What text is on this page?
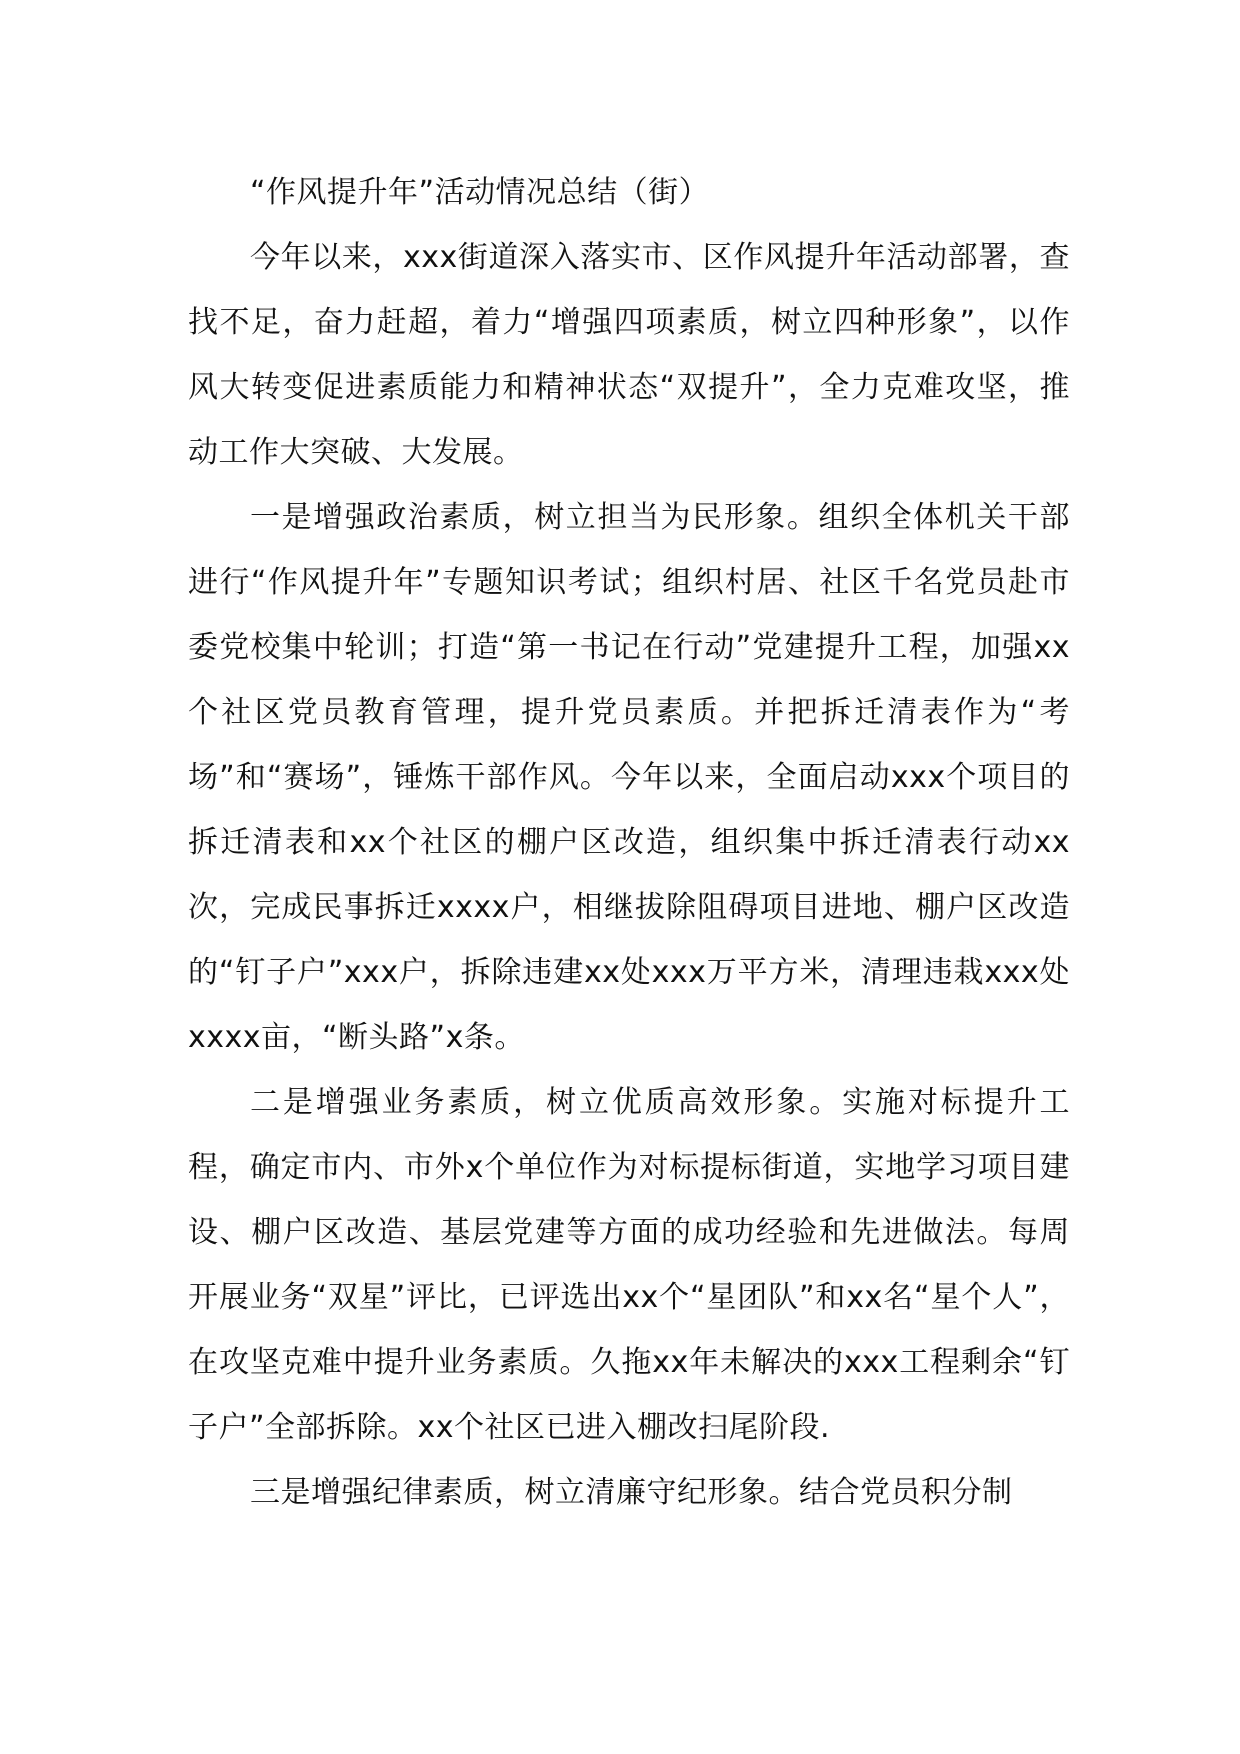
“作风提升年”活动情况总结（街）

今年以来，xxx街道深入落实市、区作风提升年活动部署，查找不足，奋力赶超，着力“增强四项素质，树立四种形象”，以作风大转变促进素质能力和精神状态“双提升”，全力克难攻坚，推动工作大突破、大发展。

一是增强政治素质，树立担当为民形象。组织全体机关干部进行“作风提升年”专题知识考试；组织村居、社区千名党员赴市委党校集中轮训；打造“第一书记在行动”党建提升工程，加强xx个社区党员教育管理，提升党员素质。并把拆迁清表作为“考场”和“赛场”，锤炼干部作风。今年以来，全面启动xxx个项目的拆迁清表和xx个社区的棚户区改造，组织集中拆迁清表行动xx次，完成民事拆迁xxxx户，相继拔除阻碍项目进地、棚户区改造的“钉子户”xxx户，拆除违建xx处xxx万平方米，清理违栽xxx处xxxx亩，“断头路”x条。

二是增强业务素质，树立优质高效形象。实施对标提升工程，确定市内、市外x个单位作为对标提标街道，实地学习项目建设、棚户区改造、基层党建等方面的成功经验和先进做法。每周开展业务“双星”评比，已评选出xx个“星团队”和xx名“星个人”，在攻坚克难中提升业务素质。久拖xx年未解决的xxx工程剩余“钉子户”全部拆除。xx个社区已进入棚改扫尾阶段.

三是增强纪律素质，树立清廉守纪形象。结合党员积分制
